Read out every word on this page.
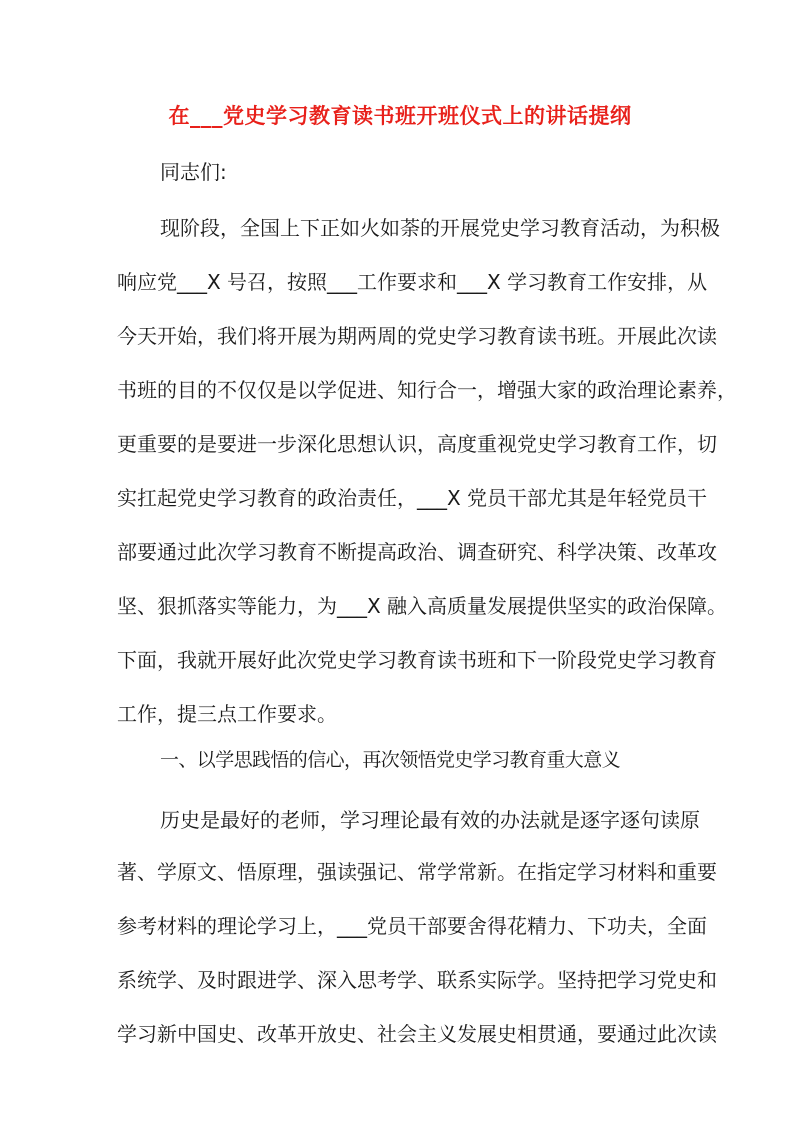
在___党史学习教育读书班开班仪式上的讲话提纲
同志们:
现阶段，全国上下正如火如荼的开展党史学习教育活动，为积极
响应党___X 号召，按照___工作要求和___X 学习教育工作安排，从
今天开始，我们将开展为期两周的党史学习教育读书班。开展此次读
书班的目的不仅仅是以学促进、知行合一，增强大家的政治理论素养，
更重要的是要进一步深化思想认识，高度重视党史学习教育工作，切
实扛起党史学习教育的政治责任，___X 党员干部尤其是年轻党员干
部要通过此次学习教育不断提高政治、调查研究、科学决策、改革攻
坚、狠抓落实等能力，为___X 融入高质量发展提供坚实的政治保障。
下面，我就开展好此次党史学习教育读书班和下一阶段党史学习教育
工作，提三点工作要求。
一、以学思践悟的信心，再次领悟党史学习教育重大意义
历史是最好的老师，学习理论最有效的办法就是逐字逐句读原
著、学原文、悟原理，强读强记、常学常新。在指定学习材料和重要
参考材料的理论学习上，___党员干部要舍得花精力、下功夫，全面
系统学、及时跟进学、深入思考学、联系实际学。坚持把学习党史和
学习新中国史、改革开放史、社会主义发展史相贯通，要通过此次读
